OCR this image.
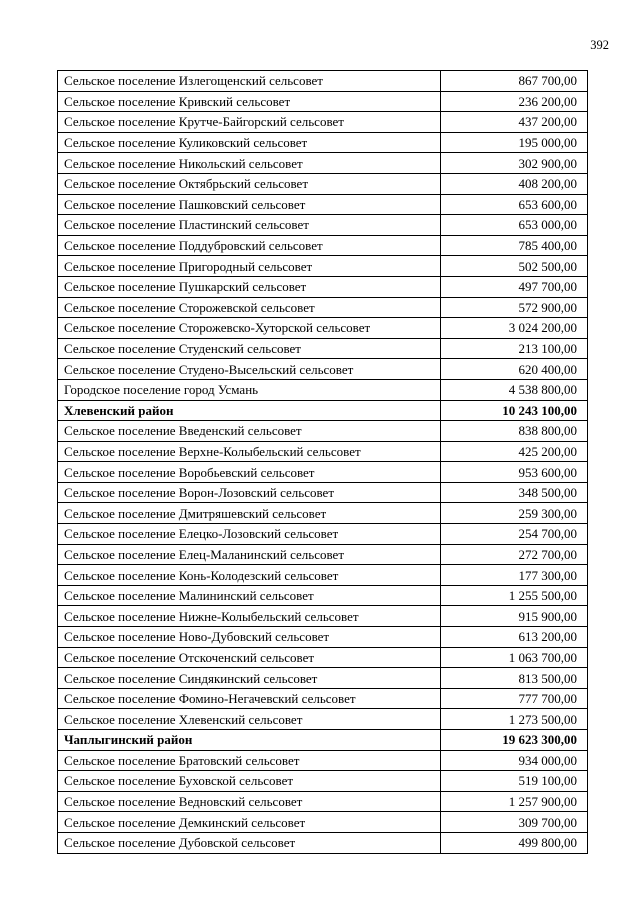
392
Сельское поселение Излегощенский сельсовет	867 700,00
Сельское поселение Кривский сельсовет	236 200,00
Сельское поселение Крутче-Байгорский сельсовет	437 200,00
Сельское поселение Куликовский сельсовет	195 000,00
Сельское поселение Никольский сельсовет	302 900,00
Сельское поселение Октябрьский сельсовет	408 200,00
Сельское поселение Пашковский сельсовет	653 600,00
Сельское поселение Пластинский сельсовет	653 000,00
Сельское поселение Поддубровский сельсовет	785 400,00
Сельское поселение Пригородный сельсовет	502 500,00
Сельское поселение Пушкарский сельсовет	497 700,00
Сельское поселение Сторожевской сельсовет	572 900,00
Сельское поселение Сторожевско-Хуторской сельсовет	3 024 200,00
Сельское поселение Студенский сельсовет	213 100,00
Сельское поселение Студено-Высельский сельсовет	620 400,00
Городское поселение город Усмань	4 538 800,00
Хлевенский район	10 243 100,00
Сельское поселение Введенский сельсовет	838 800,00
Сельское поселение Верхне-Колыбельский сельсовет	425 200,00
Сельское поселение Воробьевский сельсовет	953 600,00
Сельское поселение Ворон-Лозовский сельсовет	348 500,00
Сельское поселение Дмитряшевский сельсовет	259 300,00
Сельское поселение Елецко-Лозовский сельсовет	254 700,00
Сельское поселение Елец-Маланинский сельсовет	272 700,00
Сельское поселение Конь-Колодезский сельсовет	177 300,00
Сельское поселение Малининский сельсовет	1 255 500,00
Сельское поселение Нижне-Колыбельский сельсовет	915 900,00
Сельское поселение Ново-Дубовский сельсовет	613 200,00
Сельское поселение Отскоченский сельсовет	1 063 700,00
Сельское поселение Синдякинский сельсовет	813 500,00
Сельское поселение Фомино-Негачевский сельсовет	777 700,00
Сельское поселение Хлевенский сельсовет	1 273 500,00
Чаплыгинский район	19 623 300,00
Сельское поселение Братовский сельсовет	934 000,00
Сельское поселение Буховской сельсовет	519 100,00
Сельское поселение Ведновский сельсовет	1 257 900,00
Сельское поселение Демкинский сельсовет	309 700,00
Сельское поселение Дубовской сельсовет	499 800,00
